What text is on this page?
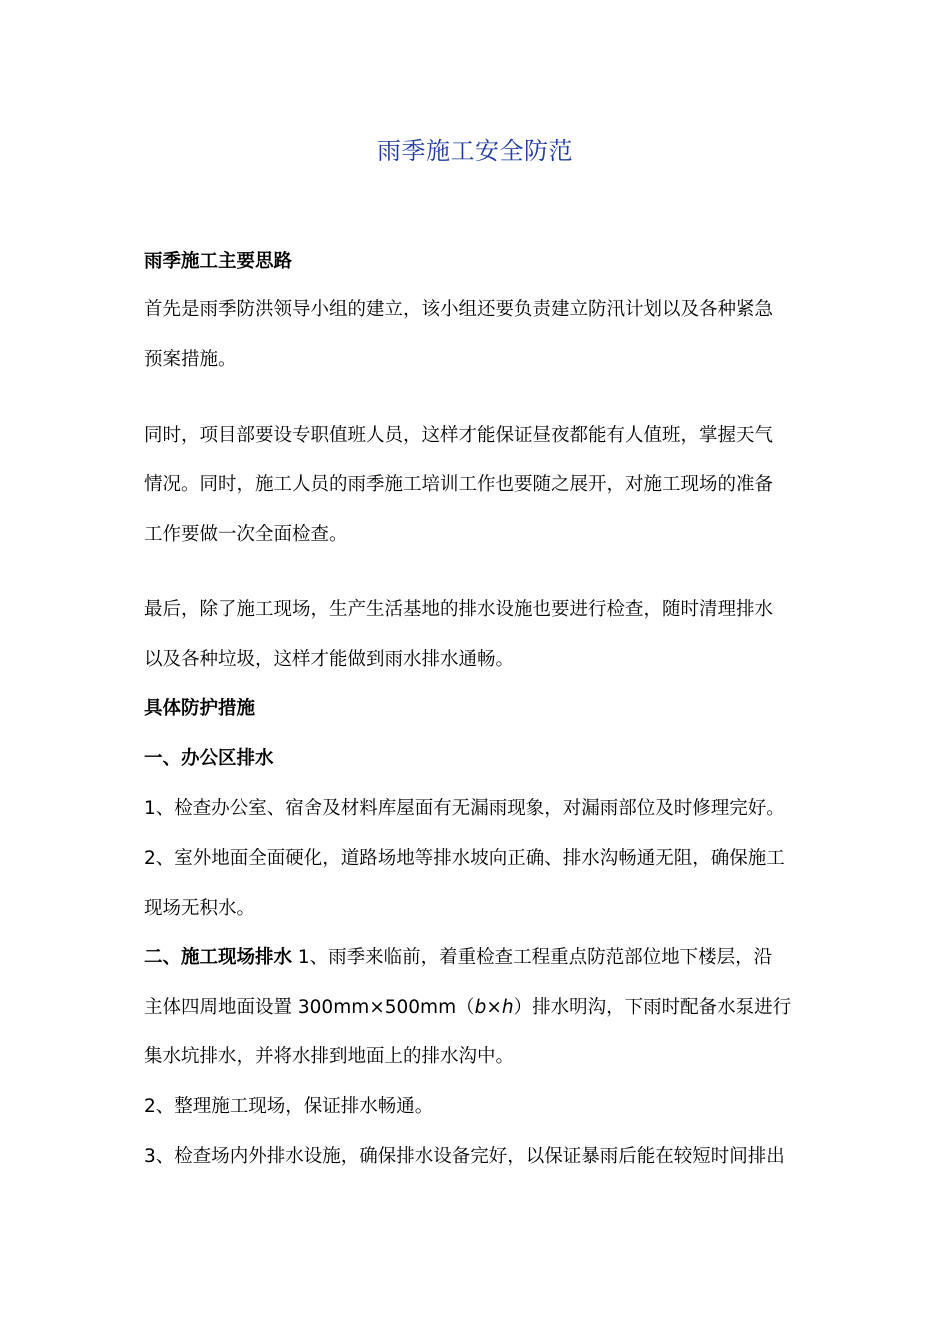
雨季施工安全防范
雨季施工主要思路
首先是雨季防洪领导小组的建立，该小组还要负责建立防汛计划以及各种紧急
预案措施。
同时，项目部要设专职值班人员，这样才能保证昼夜都能有人值班，掌握天气
情况。同时，施工人员的雨季施工培训工作也要随之展开，对施工现场的准备
工作要做一次全面检查。
最后，除了施工现场，生产生活基地的排水设施也要进行检查，随时清理排水
以及各种垃圾，这样才能做到雨水排水通畅。
具体防护措施
一、办公区排水
1、检查办公室、宿舍及材料库屋面有无漏雨现象，对漏雨部位及时修理完好。
2、室外地面全面硬化，道路场地等排水坡向正确、排水沟畅通无阻，确保施工
现场无积水。
二、施工现场排水 1、雨季来临前，着重检查工程重点防范部位地下楼层，沿
主体四周地面设置 300mm×500mm（b×h）排水明沟，下雨时配备水泵进行
集水坑排水，并将水排到地面上的排水沟中。
2、整理施工现场，保证排水畅通。
3、检查场内外排水设施，确保排水设备完好，以保证暴雨后能在较短时间排出
